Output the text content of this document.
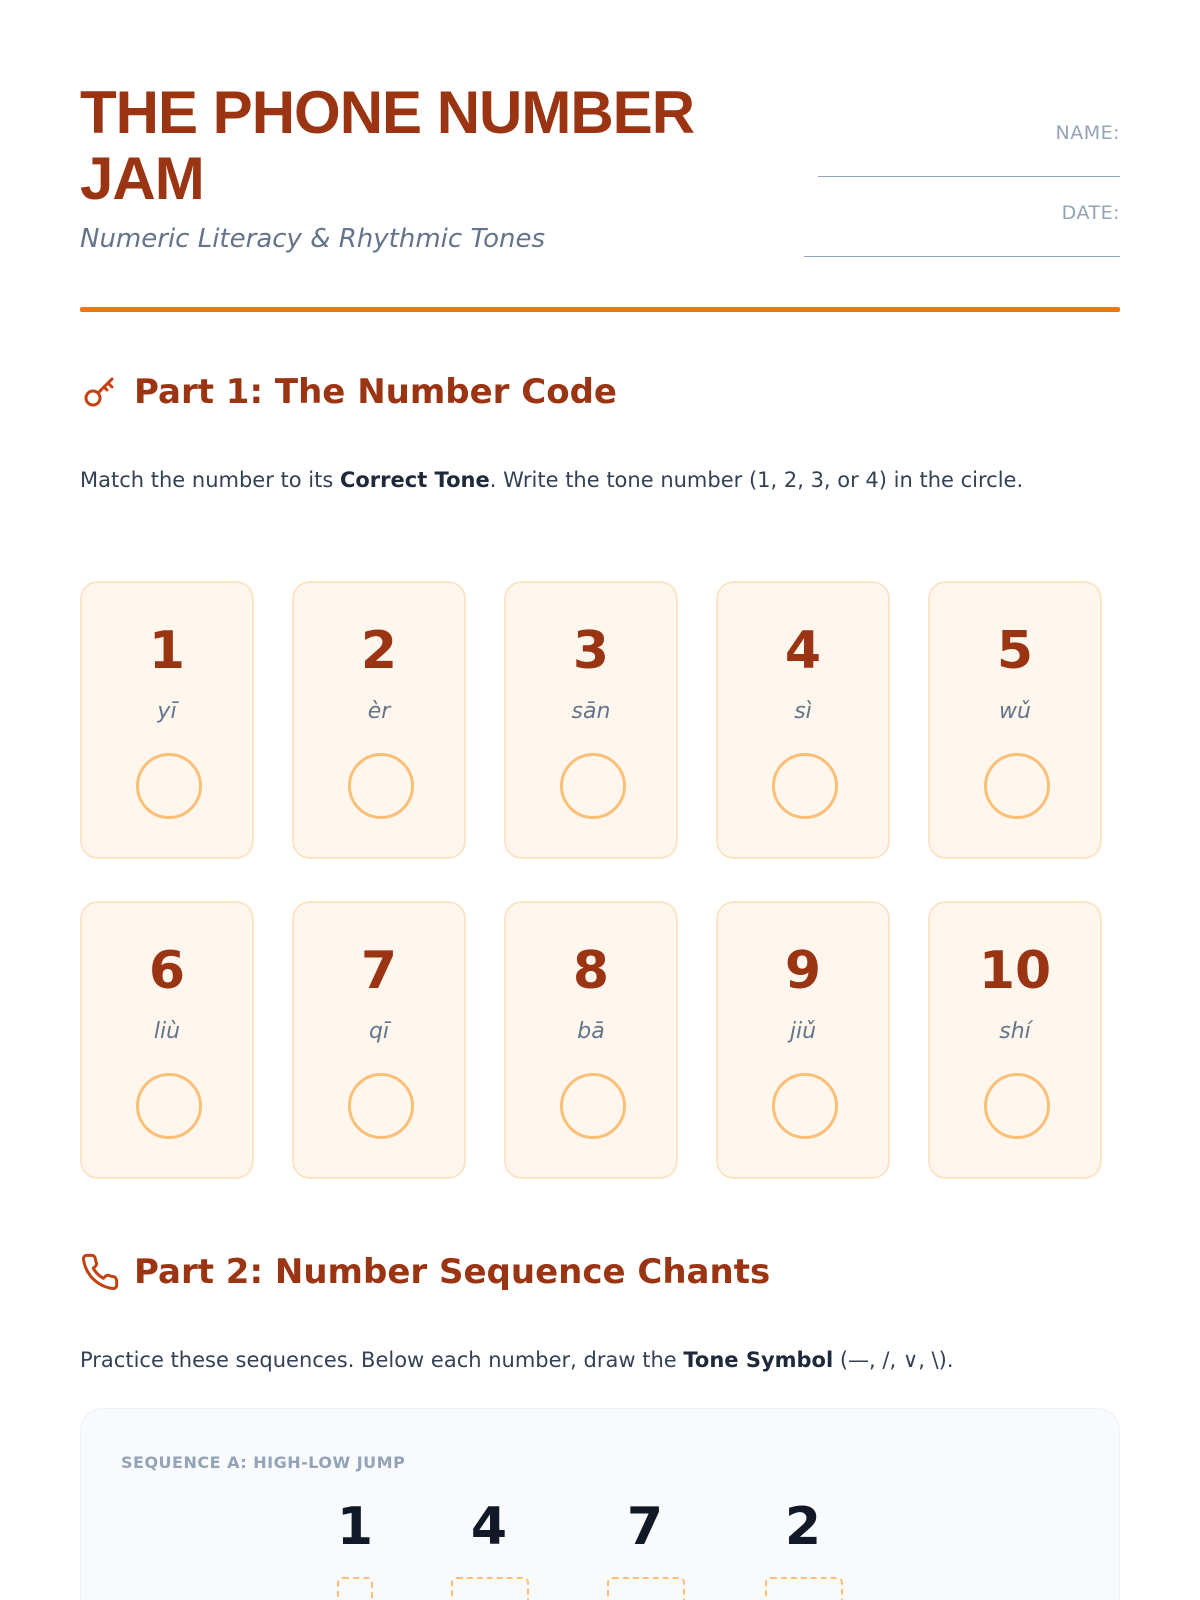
THE PHONE NUMBER JAM
Numeric Literacy & Rhythmic Tones
NAME:
DATE:
Part 1: The Number Code

Match the number to its Correct Tone. Write the tone number (1, 2, 3, or 4) in the circle.

1
yī
2
èr
3
sān
4
sì
5
wǔ
6
liù
7
qī
8
bā
9
jiǔ
10
shí
Part 2: Number Sequence Chants

Practice these sequences. Below each number, draw the Tone Symbol (—, /, ∨, \).

SEQUENCE A: HIGH-LOW JUMP
1	4	7	2
